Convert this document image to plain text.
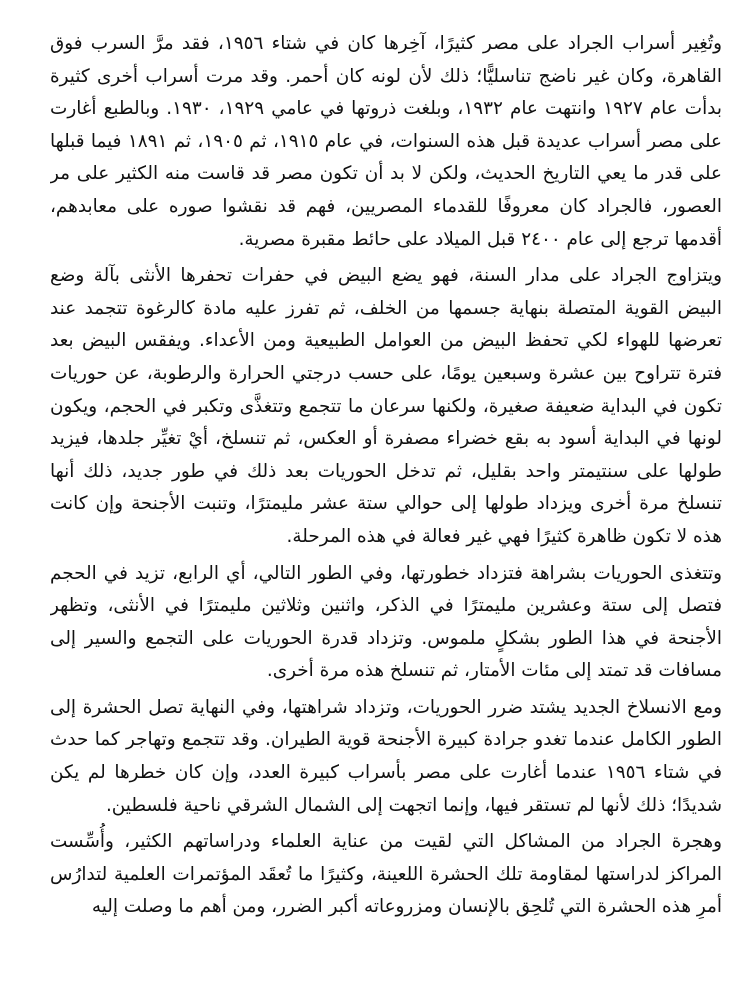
وتُغِير أسراب الجراد على مصر كثيرًا، آخِرها كان في شتاء ١٩٥٦، فقد مرَّ السرب فوق القاهرة، وكان غير ناضج تناسليًّا؛ ذلك لأن لونه كان أحمر. وقد مرت أسراب أخرى كثيرة بدأت عام ١٩٢٧ وانتهت عام ١٩٣٢، وبلغت ذروتها في عامي ١٩٢٩، ١٩٣٠. وبالطبع أغارت على مصر أسراب عديدة قبل هذه السنوات، في عام ١٩١٥، ثم ١٩٠٥، ثم ١٨٩١ فيما قبلها على قدر ما يعي التاريخ الحديث، ولكن لا بد أن تكون مصر قد قاست منه الكثير على مر العصور، فالجراد كان معروفًا للقدماء المصريين، فهم قد نقشوا صوره على معابدهم، أقدمها ترجع إلى عام ٢٤٠٠ قبل الميلاد على حائط مقبرة مصرية.

ويتزاوج الجراد على مدار السنة، فهو يضع البيض في حفرات تحفرها الأنثى بآلة وضع البيض القوية المتصلة بنهاية جسمها من الخلف، ثم تفرز عليه مادة كالرغوة تتجمد عند تعرضها للهواء لكي تحفظ البيض من العوامل الطبيعية ومن الأعداء. ويفقس البيض بعد فترة تتراوح بين عشرة وسبعين يومًا، على حسب درجتي الحرارة والرطوبة، عن حوريات تكون في البداية ضعيفة صغيرة، ولكنها سرعان ما تتجمع وتتغذَّى وتكبر في الحجم، ويكون لونها في البداية أسود به بقع خضراء مصفرة أو العكس، ثم تنسلخ، أيْ تغيِّر جلدها، فيزيد طولها على سنتيمتر واحد بقليل، ثم تدخل الحوريات بعد ذلك في طور جديد، ذلك أنها تنسلخ مرة أخرى ويزداد طولها إلى حوالي ستة عشر مليمترًا، وتنبت الأجنحة وإن كانت هذه لا تكون ظاهرة كثيرًا فهي غير فعالة في هذه المرحلة.

وتتغذى الحوريات بشراهة فتزداد خطورتها، وفي الطور التالي، أي الرابع، تزيد في الحجم فتصل إلى ستة وعشرين مليمترًا في الذكر، واثنين وثلاثين مليمترًا في الأنثى، وتظهر الأجنحة في هذا الطور بشكلٍ ملموس. وتزداد قدرة الحوريات على التجمع والسير إلى مسافات قد تمتد إلى مئات الأمتار، ثم تنسلخ هذه مرة أخرى.

ومع الانسلاخ الجديد يشتد ضرر الحوريات، وتزداد شراهتها، وفي النهاية تصل الحشرة إلى الطور الكامل عندما تغدو جرادة كبيرة الأجنحة قوية الطيران. وقد تتجمع وتهاجر كما حدث في شتاء ١٩٥٦ عندما أغارت على مصر بأسراب كبيرة العدد، وإن كان خطرها لم يكن شديدًا؛ ذلك لأنها لم تستقر فيها، وإنما اتجهت إلى الشمال الشرقي ناحية فلسطين.

وهجرة الجراد من المشاكل التي لقيت من عناية العلماء ودراساتهم الكثير، وأُسِّست المراكز لدراستها لمقاومة تلك الحشرة اللعينة، وكثيرًا ما تُعقَد المؤتمرات العلمية لتدارُس أمرِ هذه الحشرة التي تُلحِق بالإنسان ومزروعاته أكبر الضرر، ومن أهم ما وصلت إليه
